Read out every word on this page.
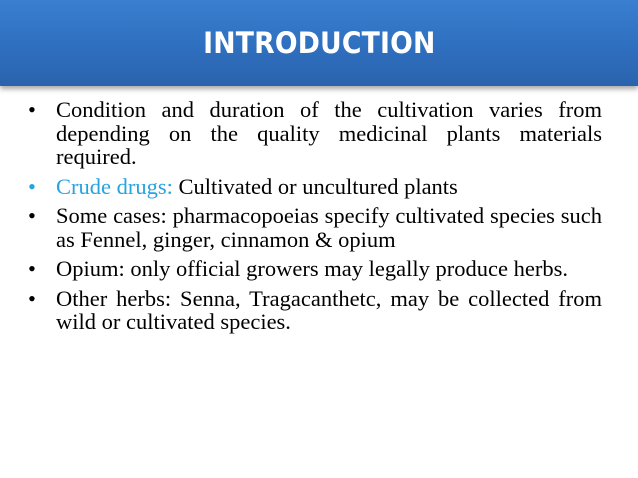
INTRODUCTION
• Condition and duration of the cultivation varies from depending on the quality medicinal plants materials required.
• Crude drugs: Cultivated or uncultured plants
• Some cases: pharmacopoeias specify cultivated species such as Fennel, ginger, cinnamon & opium
• Opium: only official growers may legally produce herbs.
• Other herbs: Senna, Tragacanthetc, may be collected from wild or cultivated species.
